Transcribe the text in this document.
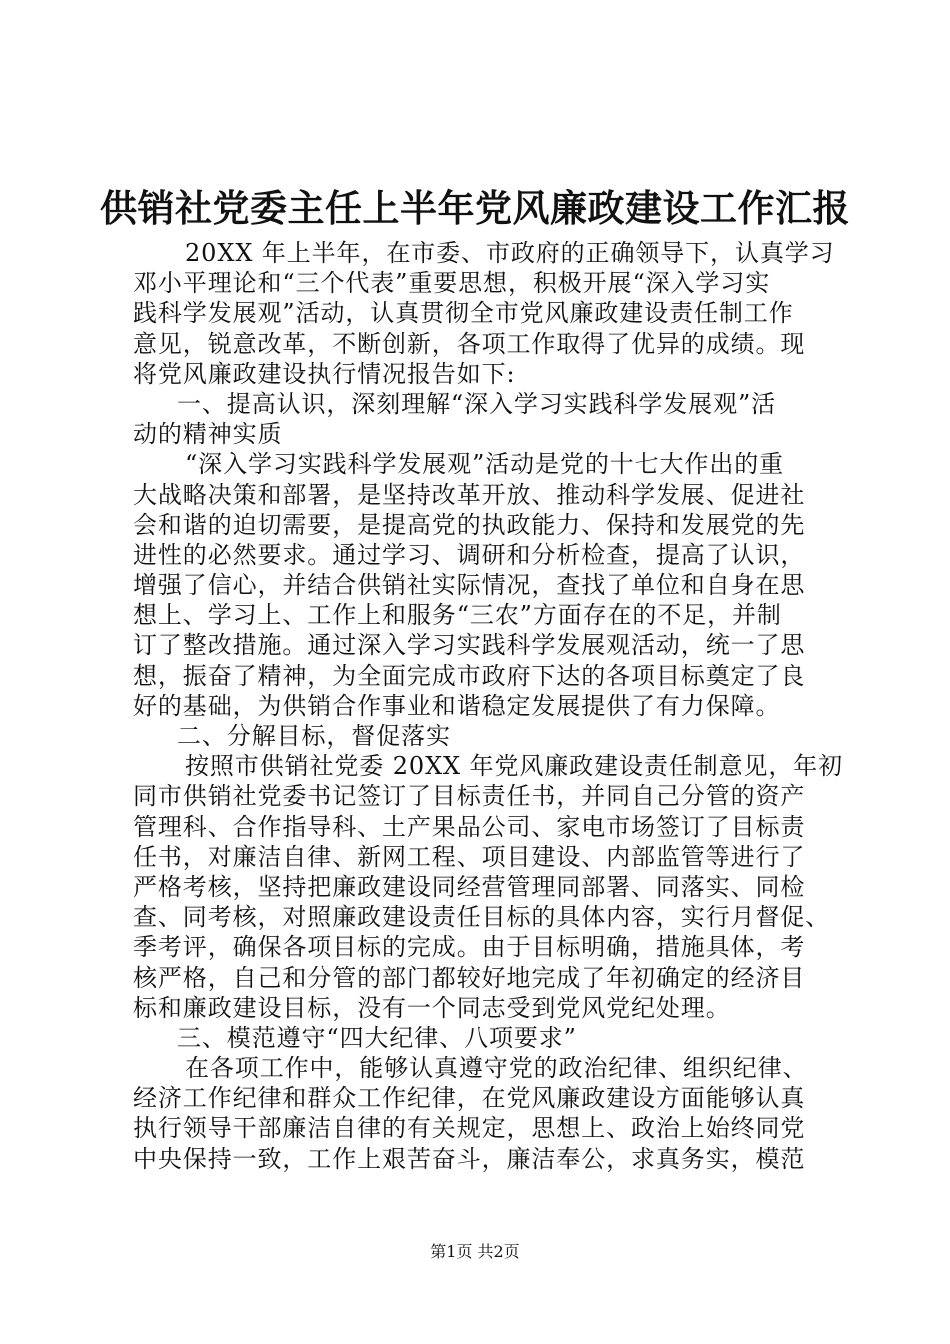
供销社党委主任上半年党风廉政建设工作汇报
20XX 年上半年，在市委、市政府的正确领导下，认真学习
邓小平理论和“三个代表”重要思想，积极开展“深入学习实
践科学发展观”活动，认真贯彻全市党风廉政建设责任制工作
意见，锐意改革，不断创新，各项工作取得了优异的成绩。现
将党风廉政建设执行情况报告如下:
一、提高认识，深刻理解“深入学习实践科学发展观”活
动的精神实质
“深入学习实践科学发展观”活动是党的十七大作出的重
大战略决策和部署，是坚持改革开放、推动科学发展、促进社
会和谐的迫切需要，是提高党的执政能力、保持和发展党的先
进性的必然要求。通过学习、调研和分析检查，提高了认识，
增强了信心，并结合供销社实际情况，查找了单位和自身在思
想上、学习上、工作上和服务“三农”方面存在的不足，并制
订了整改措施。通过深入学习实践科学发展观活动，统一了思
想，振奋了精神，为全面完成市政府下达的各项目标奠定了良
好的基础，为供销合作事业和谐稳定发展提供了有力保障。
二、分解目标，督促落实
按照市供销社党委 20XX 年党风廉政建设责任制意见，年初
同市供销社党委书记签订了目标责任书，并同自己分管的资产
管理科、合作指导科、土产果品公司、家电市场签订了目标责
任书，对廉洁自律、新网工程、项目建设、内部监管等进行了
严格考核，坚持把廉政建设同经营管理同部署、同落实、同检
查、同考核，对照廉政建设责任目标的具体内容，实行月督促、
季考评，确保各项目标的完成。由于目标明确，措施具体，考
核严格，自己和分管的部门都较好地完成了年初确定的经济目
标和廉政建设目标，没有一个同志受到党风党纪处理。
三、模范遵守“四大纪律、八项要求”
在各项工作中，能够认真遵守党的政治纪律、组织纪律、
经济工作纪律和群众工作纪律，在党风廉政建设方面能够认真
执行领导干部廉洁自律的有关规定，思想上、政治上始终同党
中央保持一致，工作上艰苦奋斗，廉洁奉公，求真务实，模范
第1页 共2页
